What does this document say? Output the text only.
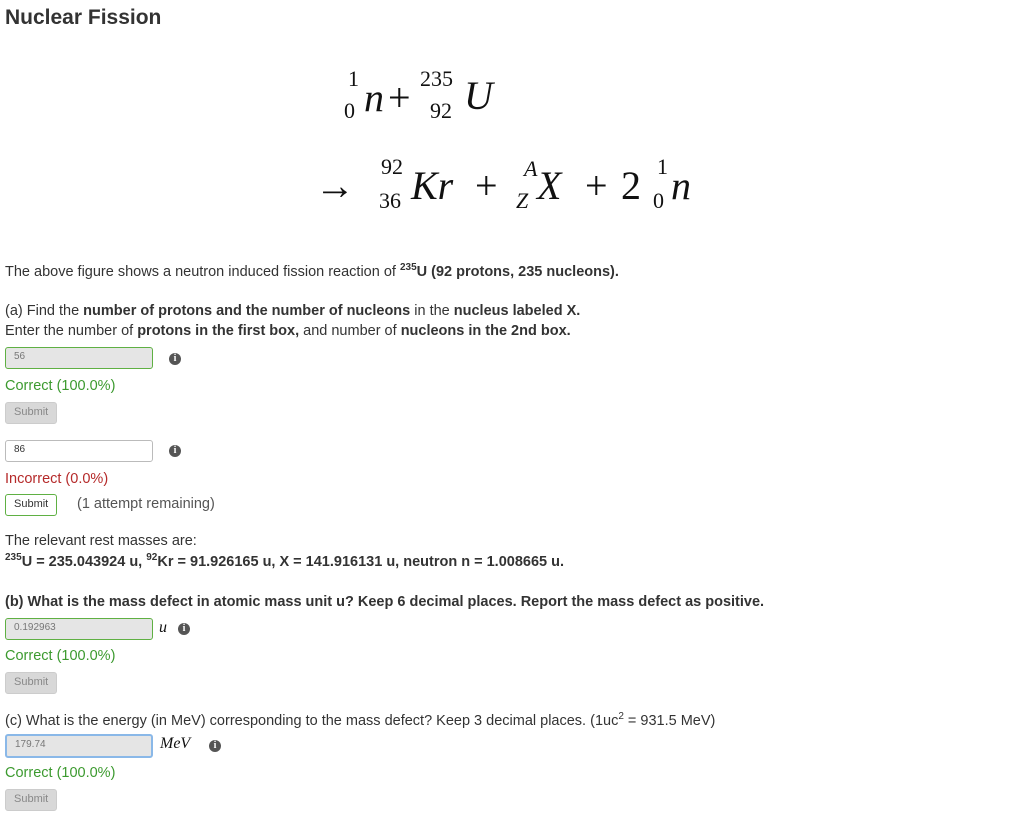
Nuclear Fission
1
0 n + 235
92 U
→ 92
36 Kr + A
Z X + 2 1
0 n

The above figure shows a neutron induced fission reaction of $^{235}$U (92 protons, 235 nucleons).

(a) Find the number of protons and the number of nucleons in the nucleus labeled X.

Enter the number of protons in the first box, and number of nucleons in the 2nd box.

56	i
Correct (100.0%)
Submit
86	i
Incorrect (0.0%)
Submit	(1 attempt remaining)

The relevant rest masses are:

$^{235}$U = 235.043924 u, $^{92}$Kr = 91.926165 u, X = 141.916131 u, neutron n = 1.008665 u.

(b) What is the mass defect in atomic mass unit u? Keep 6 decimal places. Report the mass defect as positive.

0.192963	u	i
Correct (100.0%)
Submit

(c) What is the energy (in MeV) corresponding to the mass defect? Keep 3 decimal places. ($1uc^2 = 931.5$ MeV)

179.74	MeV	i
Correct (100.0%)
Submit
